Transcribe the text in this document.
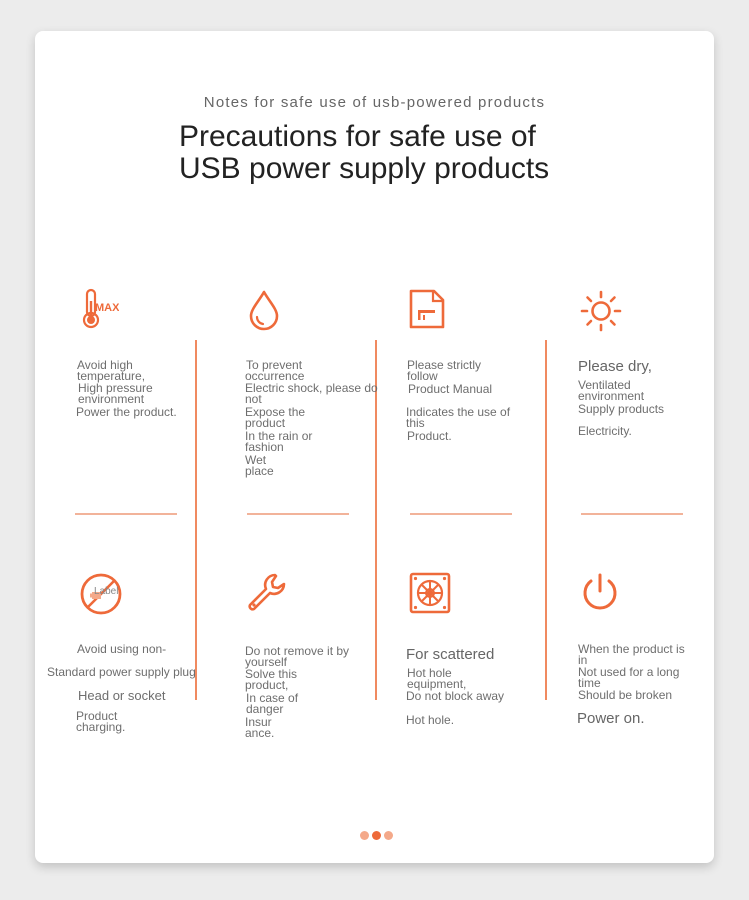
Notes for safe use of usb-powered products
Precautions for safe use of
USB power supply products
MAX
Avoid high
temperature,
High pressure
environment
Power the product.
To prevent
occurrence
Electric shock, please do
not
Expose the
product
In the rain or
fashion
Wet
place
Please strictly
follow
Product Manual
Indicates the use of
this
Product.
Please dry,
Ventilated
environment
Supply products
Electricity.
Label
Avoid using non-
Standard power supply plug
Head or socket
Product
charging.
Do not remove it by
yourself
Solve this
product,
In case of
danger
Insur
ance.
For scattered
Hot hole
equipment,
Do not block away
Hot hole.
When the product is
in
Not used for a long
time
Should be broken
Power on.
